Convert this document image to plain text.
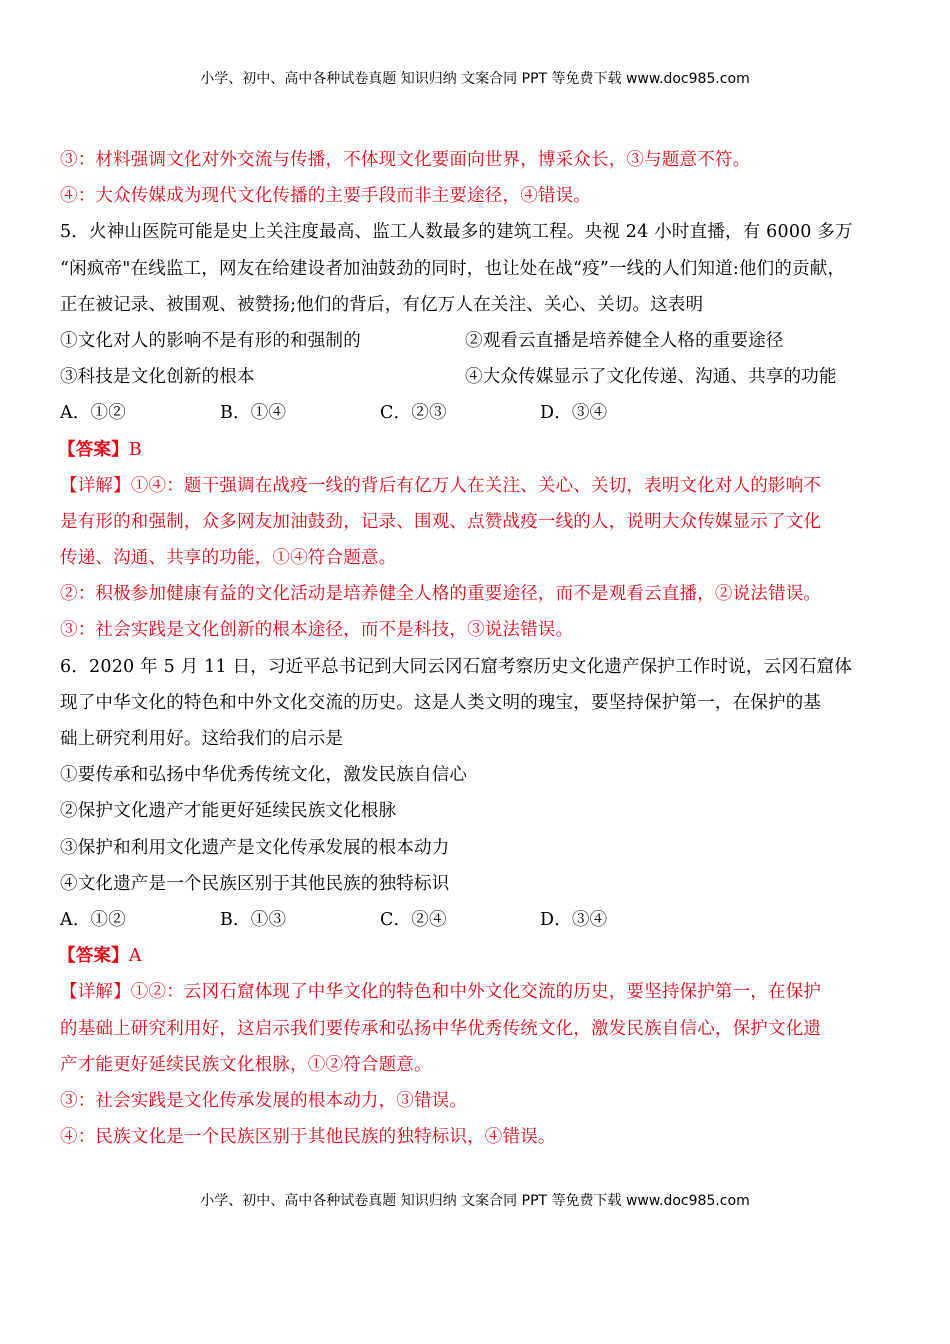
小学、初中、高中各种试卷真题 知识归纳 文案合同 PPT 等免费下载 www.doc985.com
③：材料强调文化对外交流与传播，不体现文化要面向世界，博采众长，③与题意不符。
④：大众传媒成为现代文化传播的主要手段而非主要途径，④错误。
5．火神山医院可能是史上关注度最高、监工人数最多的建筑工程。央视 24 小时直播，有 6000 多万
“闲疯帝"在线监工，网友在给建设者加油鼓劲的同时，也让处在战“疫”一线的人们知道:他们的贡献，
正在被记录、被围观、被赞扬;他们的背后，有亿万人在关注、关心、关切。这表明
①文化对人的影响不是有形的和强制的	②观看云直播是培养健全人格的重要途径
③科技是文化创新的根本	④大众传媒显示了文化传递、沟通、共享的功能
A．①②	B．①④	C．②③	D．③④
【答案】B
【详解】①④：题干强调在战疫一线的背后有亿万人在关注、关心、关切，表明文化对人的影响不
是有形的和强制，众多网友加油鼓劲，记录、围观、点赞战疫一线的人，说明大众传媒显示了文化
传递、沟通、共享的功能，①④符合题意。
②：积极参加健康有益的文化活动是培养健全人格的重要途径，而不是观看云直播，②说法错误。
③：社会实践是文化创新的根本途径，而不是科技，③说法错误。
6．2020 年 5 月 11 日，习近平总书记到大同云冈石窟考察历史文化遗产保护工作时说，云冈石窟体
现了中华文化的特色和中外文化交流的历史。这是人类文明的瑰宝，要坚持保护第一，在保护的基
础上研究利用好。这给我们的启示是
①要传承和弘扬中华优秀传统文化，激发民族自信心
②保护文化遗产才能更好延续民族文化根脉
③保护和利用文化遗产是文化传承发展的根本动力
④文化遗产是一个民族区别于其他民族的独特标识
A．①②	B．①③	C．②④	D．③④
【答案】A
【详解】①②：云冈石窟体现了中华文化的特色和中外文化交流的历史，要坚持保护第一，在保护
的基础上研究利用好，这启示我们要传承和弘扬中华优秀传统文化，激发民族自信心，保护文化遗
产才能更好延续民族文化根脉，①②符合题意。
③：社会实践是文化传承发展的根本动力，③错误。
④：民族文化是一个民族区别于其他民族的独特标识，④错误。
小学、初中、高中各种试卷真题 知识归纳 文案合同 PPT 等免费下载 www.doc985.com
